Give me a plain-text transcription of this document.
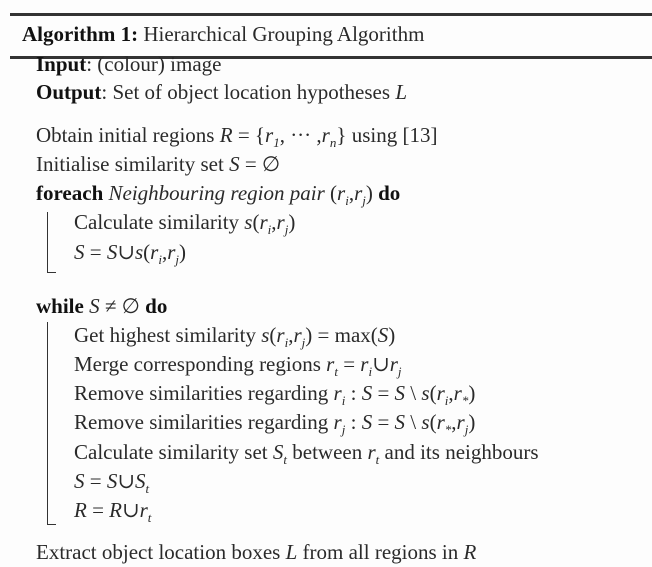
Algorithm 1: Hierarchical Grouping Algorithm
Input: (colour) image
Output: Set of object location hypotheses L
Obtain initial regions $R = \{r_1$, ··· $,r_n$} using [13]
Initialise similarity set S = ∅
foreach Neighbouring region pair $(r_i,r_j)$ do
Calculate similarity $s(r_i,r_j)$
$S = S\cup s(r_i,r_j)$
while S ≠ ∅ do
Get highest similarity $s(r_i,r_j) = \max(S)$
Merge corresponding regions $r_t$ = $r_i\cup r_j$
Remove similarities regarding $r_i$ : S = S \ $s(r_i,r_*)$
Remove similarities regarding $r_j$ : S = S \ $s(r_*,r_j)$
Calculate similarity set $S_t$ between $r_t$ and its neighbours
$S = S\cup S_t$
$R = R\cup r_t$
Extract object location boxes L from all regions in R
